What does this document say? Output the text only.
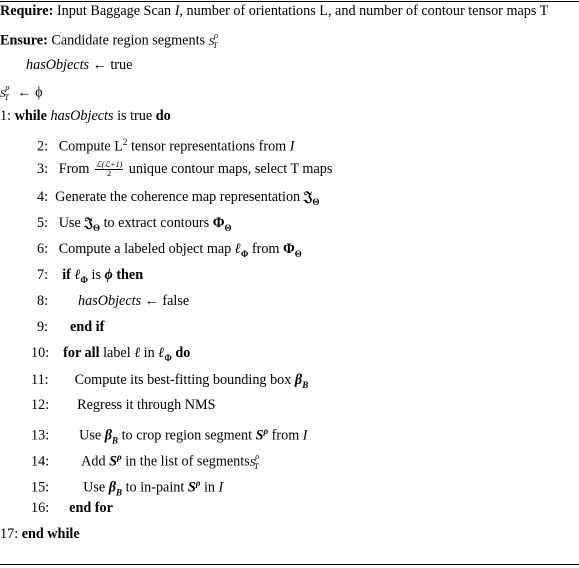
Require: Input Baggage Scan I, number of orientations L, and number of contour tensor maps T
Ensure: Candidate region segments $S^\rho_T$
hasObjects ← true
$S^\rho_T$ ← ϕ
1: while hasObjects is true do
2: Compute $L^2$ tensor representations from I
3: From $\frac{\text{ℒ(ℒ+1)}}{2}$ unique contour maps, select T maps
4: Generate the coherence map representation 𝔍$_\Theta$
5: Use 𝔍$_\Theta$ to extract contours $\Phi_\Theta$
6: Compute a labeled object map ℓ$_\Phi$ from $\Phi_\Theta$
7: if ℓ$_\Phi$ is ϕ then
8: hasObjects ← false
9: end if
10: for all label ℓ in ℓ$_\Phi$ do
11: Compute its best-fitting bounding box $\beta_B$
12: Regress it through NMS
13: Use $\beta_B$ to crop region segment $S^\rho$ from I
14: Add $S^\rho$ in the list of segmentsS$^\rho_T$
15: Use $\beta_B$ to in-paint $S^\rho$ in I
16: end for
17: end while
